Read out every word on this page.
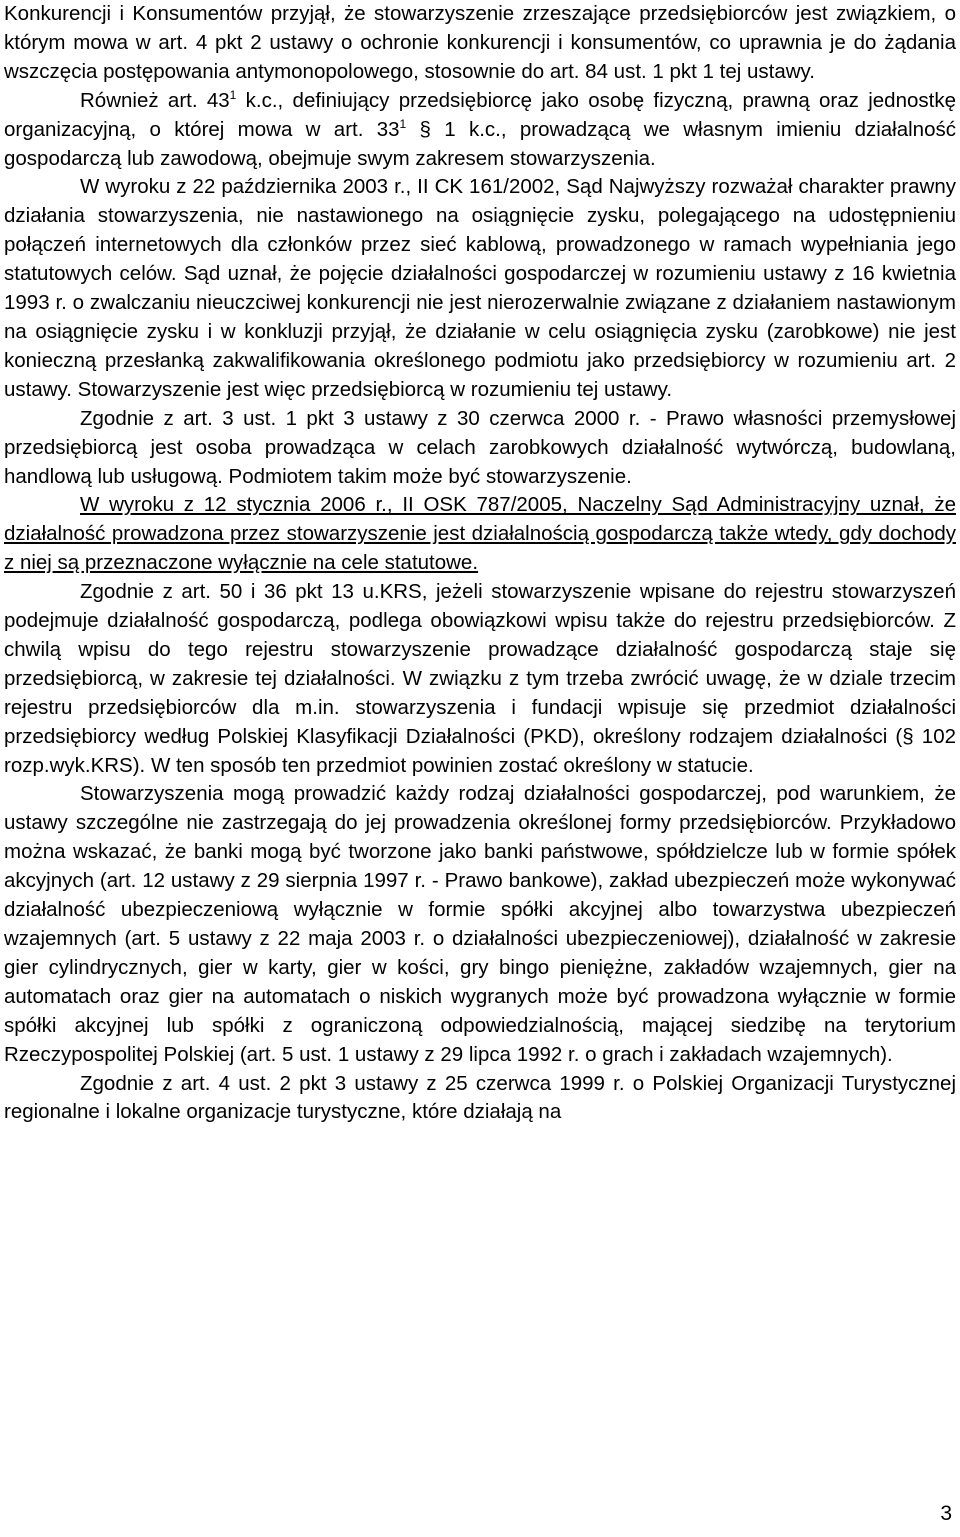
Konkurencji i Konsumentów przyjął, że stowarzyszenie zrzeszające przedsiębiorców jest związkiem, o którym mowa w art. 4 pkt 2 ustawy o ochronie konkurencji i konsumentów, co uprawnia je do żądania wszczęcia postępowania antymonopolowego, stosownie do art. 84 ust. 1 pkt 1 tej ustawy.

Również art. $43^1$ k.c., definiujący przedsiębiorcę jako osobę fizyczną, prawną oraz jednostkę organizacyjną, o której mowa w art. $33^1$ § 1 k.c., prowadzącą we własnym imieniu działalność gospodarczą lub zawodową, obejmuje swym zakresem stowarzyszenia.

W wyroku z 22 października 2003 r., II CK 161/2002, Sąd Najwyższy rozważał charakter prawny działania stowarzyszenia, nie nastawionego na osiągnięcie zysku, polegającego na udostępnieniu połączeń internetowych dla członków przez sieć kablową, prowadzonego w ramach wypełniania jego statutowych celów. Sąd uznał, że pojęcie działalności gospodarczej w rozumieniu ustawy z 16 kwietnia 1993 r. o zwalczaniu nieuczciwej konkurencji nie jest nierozerwalnie związane z działaniem nastawionym na osiągnięcie zysku i w konkluzji przyjął, że działanie w celu osiągnięcia zysku (zarobkowe) nie jest konieczną przesłanką zakwalifikowania określonego podmiotu jako przedsiębiorcy w rozumieniu art. 2 ustawy. Stowarzyszenie jest więc przedsiębiorcą w rozumieniu tej ustawy.

Zgodnie z art. 3 ust. 1 pkt 3 ustawy z 30 czerwca 2000 r. - Prawo własności przemysłowej przedsiębiorcą jest osoba prowadząca w celach zarobkowych działalność wytwórczą, budowlaną, handlową lub usługową. Podmiotem takim może być stowarzyszenie.

W wyroku z 12 stycznia 2006 r., II OSK 787/2005, Naczelny Sąd Administracyjny uznał, że działalność prowadzona przez stowarzyszenie jest działalnością gospodarczą także wtedy, gdy dochody z niej są przeznaczone wyłącznie na cele statutowe.

Zgodnie z art. 50 i 36 pkt 13 u.KRS, jeżeli stowarzyszenie wpisane do rejestru stowarzyszeń podejmuje działalność gospodarczą, podlega obowiązkowi wpisu także do rejestru przedsiębiorców. Z chwilą wpisu do tego rejestru stowarzyszenie prowadzące działalność gospodarczą staje się przedsiębiorcą, w zakresie tej działalności. W związku z tym trzeba zwrócić uwagę, że w dziale trzecim rejestru przedsiębiorców dla m.in. stowarzyszenia i fundacji wpisuje się przedmiot działalności przedsiębiorcy według Polskiej Klasyfikacji Działalności (PKD), określony rodzajem działalności (§ 102 rozp.wyk.KRS). W ten sposób ten przedmiot powinien zostać określony w statucie.

Stowarzyszenia mogą prowadzić każdy rodzaj działalności gospodarczej, pod warunkiem, że ustawy szczególne nie zastrzegają do jej prowadzenia określonej formy przedsiębiorców. Przykładowo można wskazać, że banki mogą być tworzone jako banki państwowe, spółdzielcze lub w formie spółek akcyjnych (art. 12 ustawy z 29 sierpnia 1997 r. - Prawo bankowe), zakład ubezpieczeń może wykonywać działalność ubezpieczeniową wyłącznie w formie spółki akcyjnej albo towarzystwa ubezpieczeń wzajemnych (art. 5 ustawy z 22 maja 2003 r. o działalności ubezpieczeniowej), działalność w zakresie gier cylindrycznych, gier w karty, gier w kości, gry bingo pieniężne, zakładów wzajemnych, gier na automatach oraz gier na automatach o niskich wygranych może być prowadzona wyłącznie w formie spółki akcyjnej lub spółki z ograniczoną odpowiedzialnością, mającej siedzibę na terytorium Rzeczypospolitej Polskiej (art. 5 ust. 1 ustawy z 29 lipca 1992 r. o grach i zakładach wzajemnych).

Zgodnie z art. 4 ust. 2 pkt 3 ustawy z 25 czerwca 1999 r. o Polskiej Organizacji Turystycznej regionalne i lokalne organizacje turystyczne, które działają na

3
